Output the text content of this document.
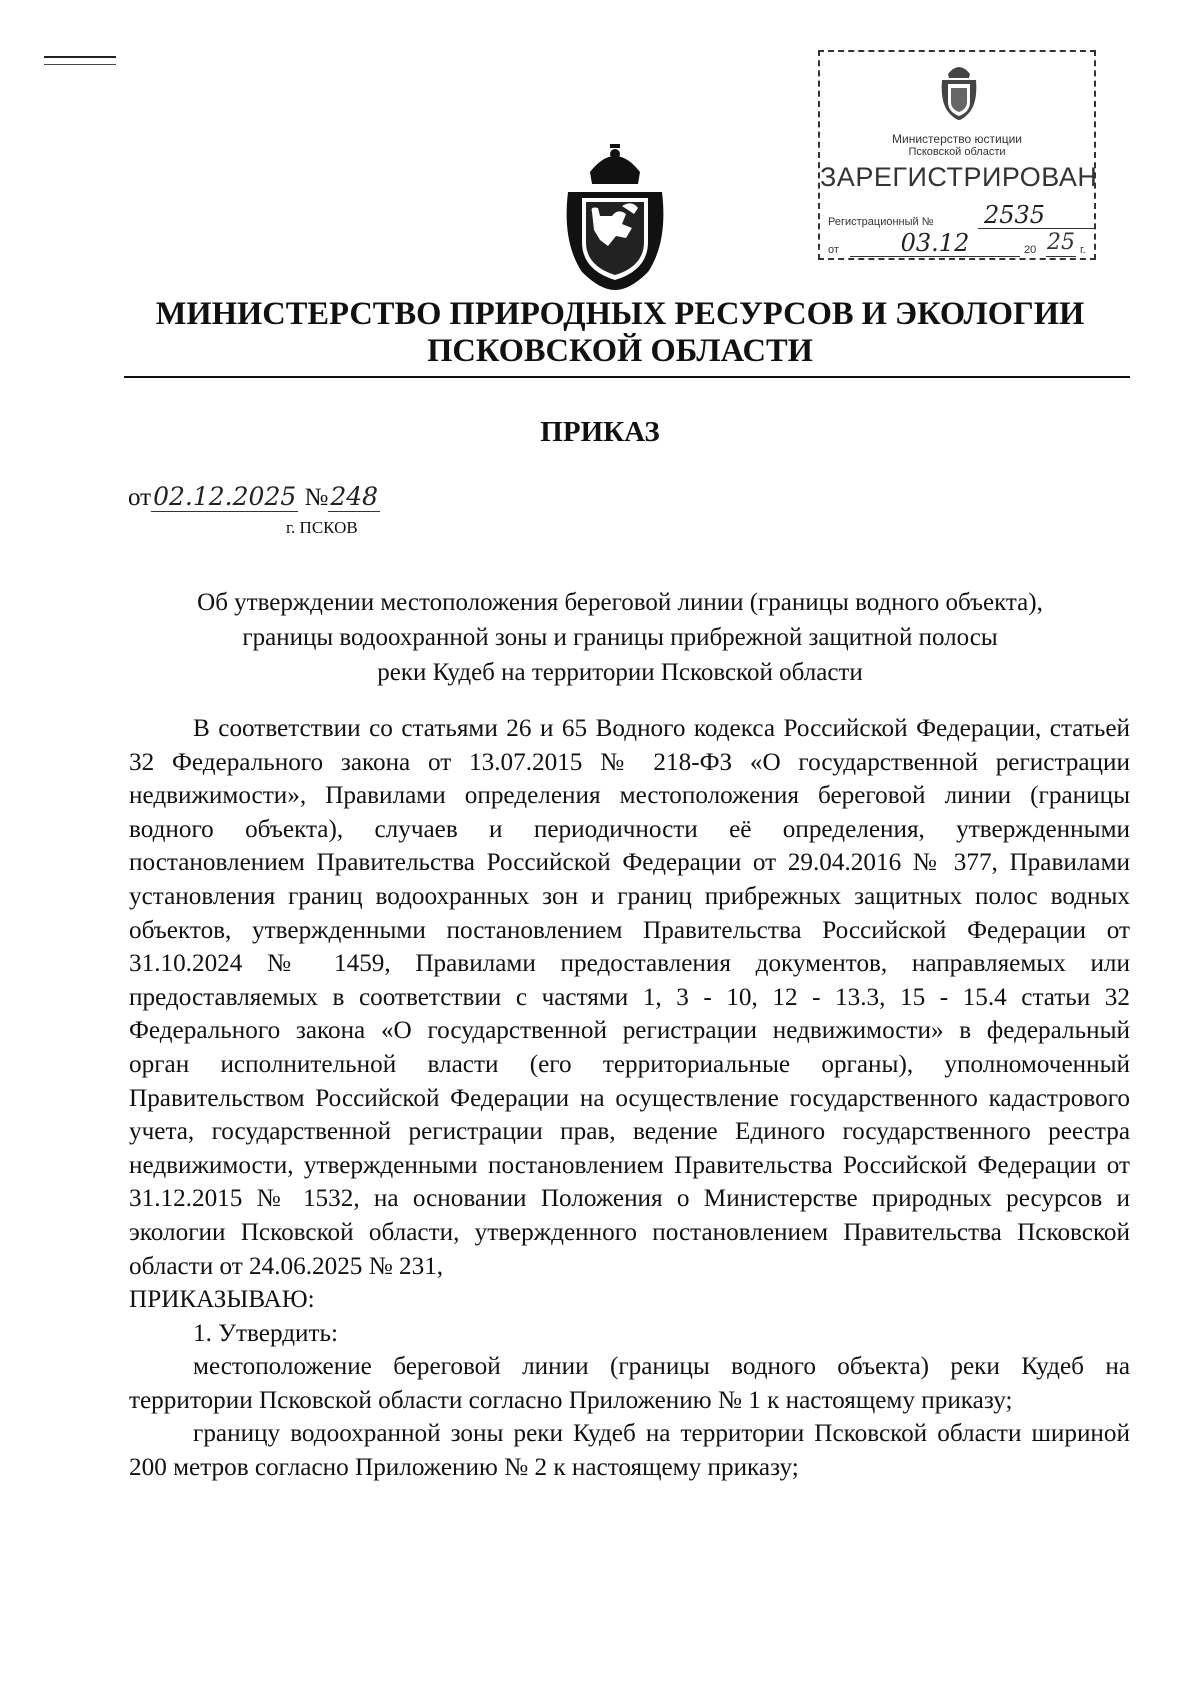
Министерство юстиции
Псковской области
ЗАРЕГИСТРИРОВАН
Регистрационный № 2535
от	03.12	20 25 г.
МИНИСТЕРСТВО ПРИРОДНЫХ РЕСУРСОВ И ЭКОЛОГИИ
ПСКОВСКОЙ ОБЛАСТИ
ПРИКАЗ
от02.12.2025 №248
г. ПСКОВ
Об утверждении местоположения береговой линии (границы водного объекта),
границы водоохранной зоны и границы прибрежной защитной полосы
реки Кудеб на территории Псковской области

В соответствии со статьями 26 и 65 Водного кодекса Российской Федерации, статьей 32 Федерального закона от 13.07.2015 № 218-ФЗ «О государственной регистрации недвижимости», Правилами определения местоположения береговой линии (границы водного объекта), случаев и периодичности её определения, утвержденными постановлением Правительства Российской Федерации от 29.04.2016 № 377, Правилами установления границ водоохранных зон и границ прибрежных защитных полос водных объектов, утвержденными постановлением Правительства Российской Федерации от 31.10.2024 № 1459, Правилами предоставления документов, направляемых или предоставляемых в соответствии с частями 1, 3 - 10, 12 - 13.3, 15 - 15.4 статьи 32 Федерального закона «О государственной регистрации недвижимости» в федеральный орган исполнительной власти (его территориальные органы), уполномоченный Правительством Российской Федерации на осуществление государственного кадастрового учета, государственной регистрации прав, ведение Единого государственного реестра недвижимости, утвержденными постановлением Правительства Российской Федерации от 31.12.2015 № 1532, на основании Положения о Министерстве природных ресурсов и экологии Псковской области, утвержденного постановлением Правительства Псковской области от 24.06.2025 № 231,

ПРИКАЗЫВАЮ:

1. Утвердить:

местоположение береговой линии (границы водного объекта) реки Кудеб на территории Псковской области согласно Приложению № 1 к настоящему приказу;

границу водоохранной зоны реки Кудеб на территории Псковской области шириной 200 метров согласно Приложению № 2 к настоящему приказу;
